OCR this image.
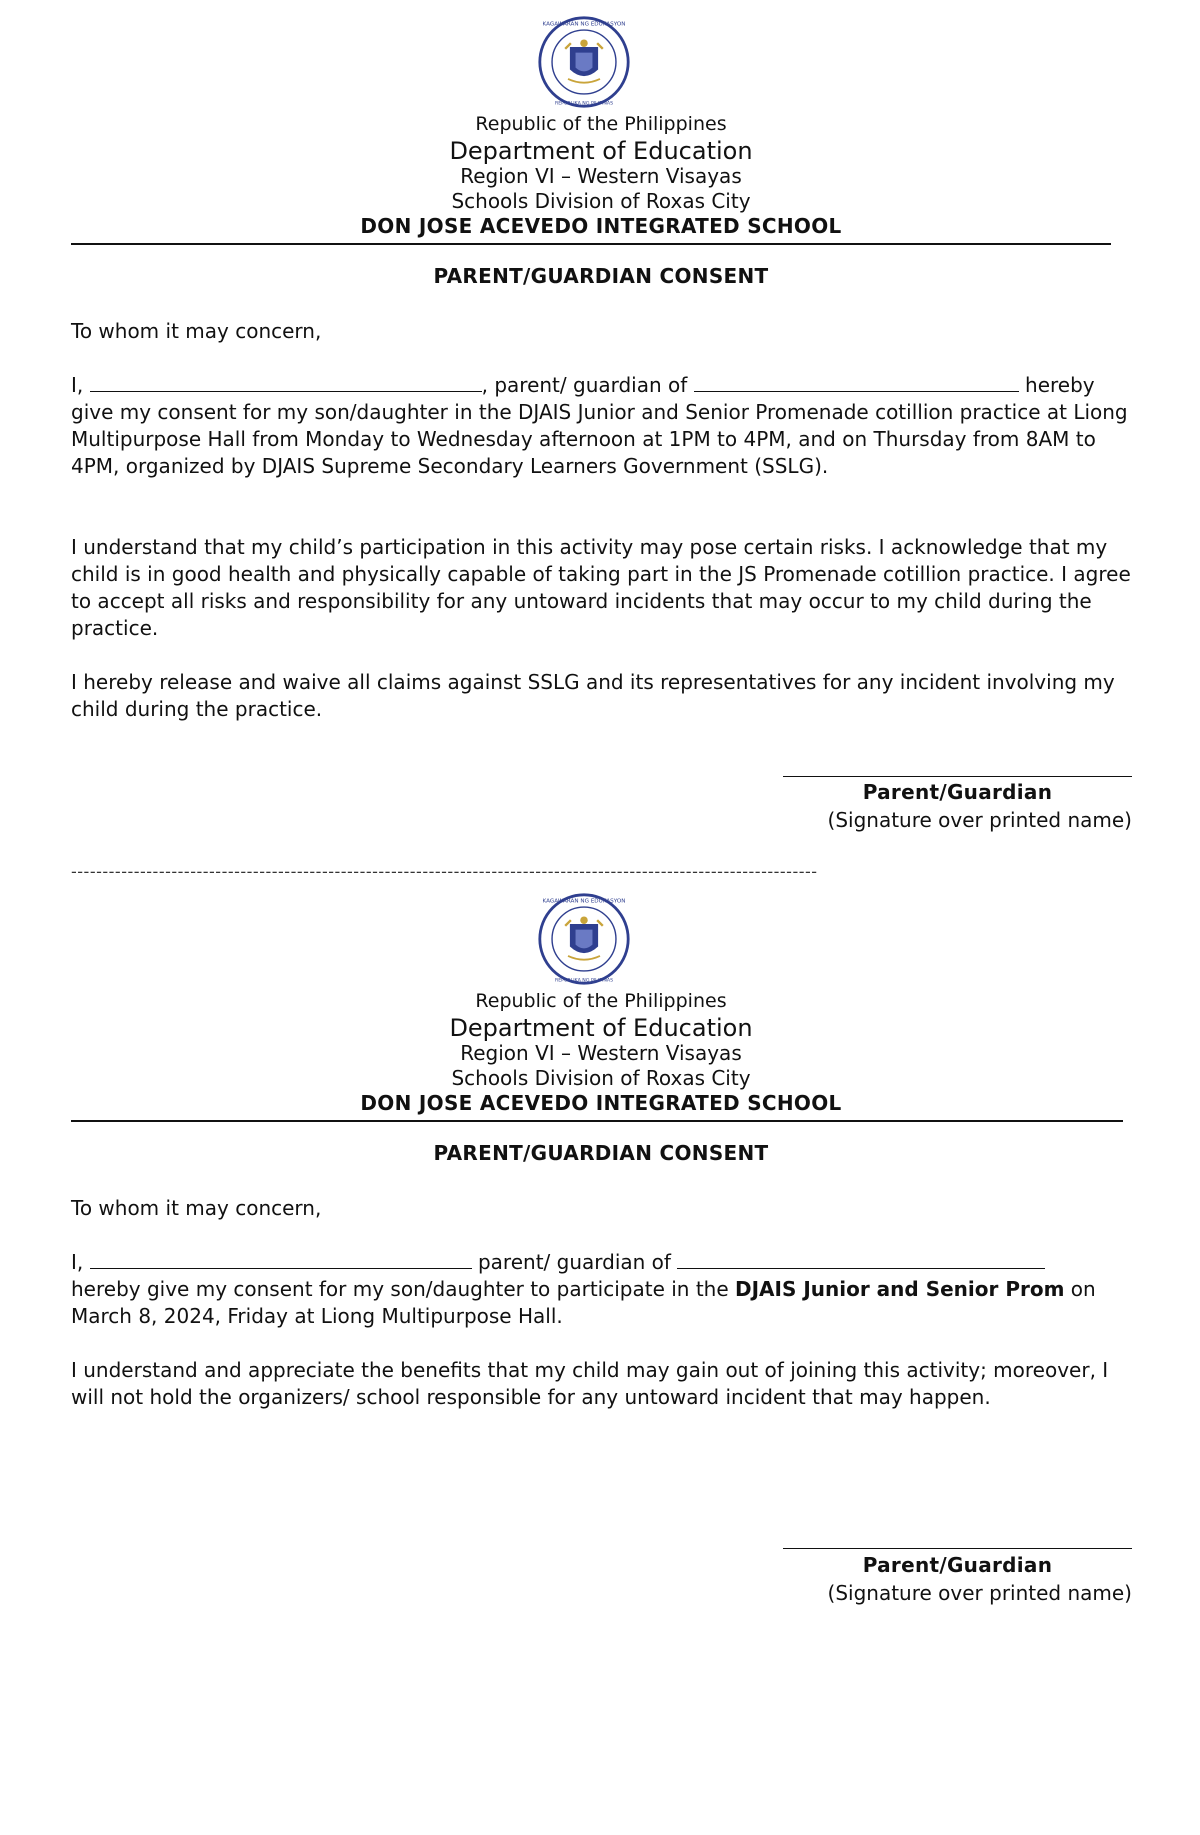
KAGAWARAN NG EDUKASYON
REPUBLIKA NG PILIPINAS
Republic of the Philippines
Department of Education
Region VI – Western Visayas
Schools Division of Roxas City
DON JOSE ACEVEDO INTEGRATED SCHOOL
PARENT/GUARDIAN CONSENT
To whom it may concern,
I,	, parent/ guardian of	hereby
give my consent for my son/daughter in the DJAIS Junior and Senior Promenade cotillion practice at Liong Multipurpose Hall from Monday to Wednesday afternoon at 1PM to 4PM, and on Thursday from 8AM to 4PM, organized by DJAIS Supreme Secondary Learners Government (SSLG).
I understand that my child’s participation in this activity may pose certain risks. I acknowledge that my child is in good health and physically capable of taking part in the JS Promenade cotillion practice. I agree to accept all risks and responsibility for any untoward incidents that may occur to my child during the practice.
I hereby release and waive all claims against SSLG and its representatives for any incident involving my child during the practice.
Parent/Guardian
(Signature over printed name)
-----------------------------------------------------------------------------------------------------------------------
KAGAWARAN NG EDUKASYON
REPUBLIKA NG PILIPINAS
Republic of the Philippines
Department of Education
Region VI – Western Visayas
Schools Division of Roxas City
DON JOSE ACEVEDO INTEGRATED SCHOOL
PARENT/GUARDIAN CONSENT
To whom it may concern,
I,	parent/ guardian of
hereby give my consent for my son/daughter to participate in the DJAIS Junior and Senior Prom on March 8, 2024, Friday at Liong Multipurpose Hall.
I understand and appreciate the benefits that my child may gain out of joining this activity; moreover, I will not hold the organizers/ school responsible for any untoward incident that may happen.
Parent/Guardian
(Signature over printed name)
